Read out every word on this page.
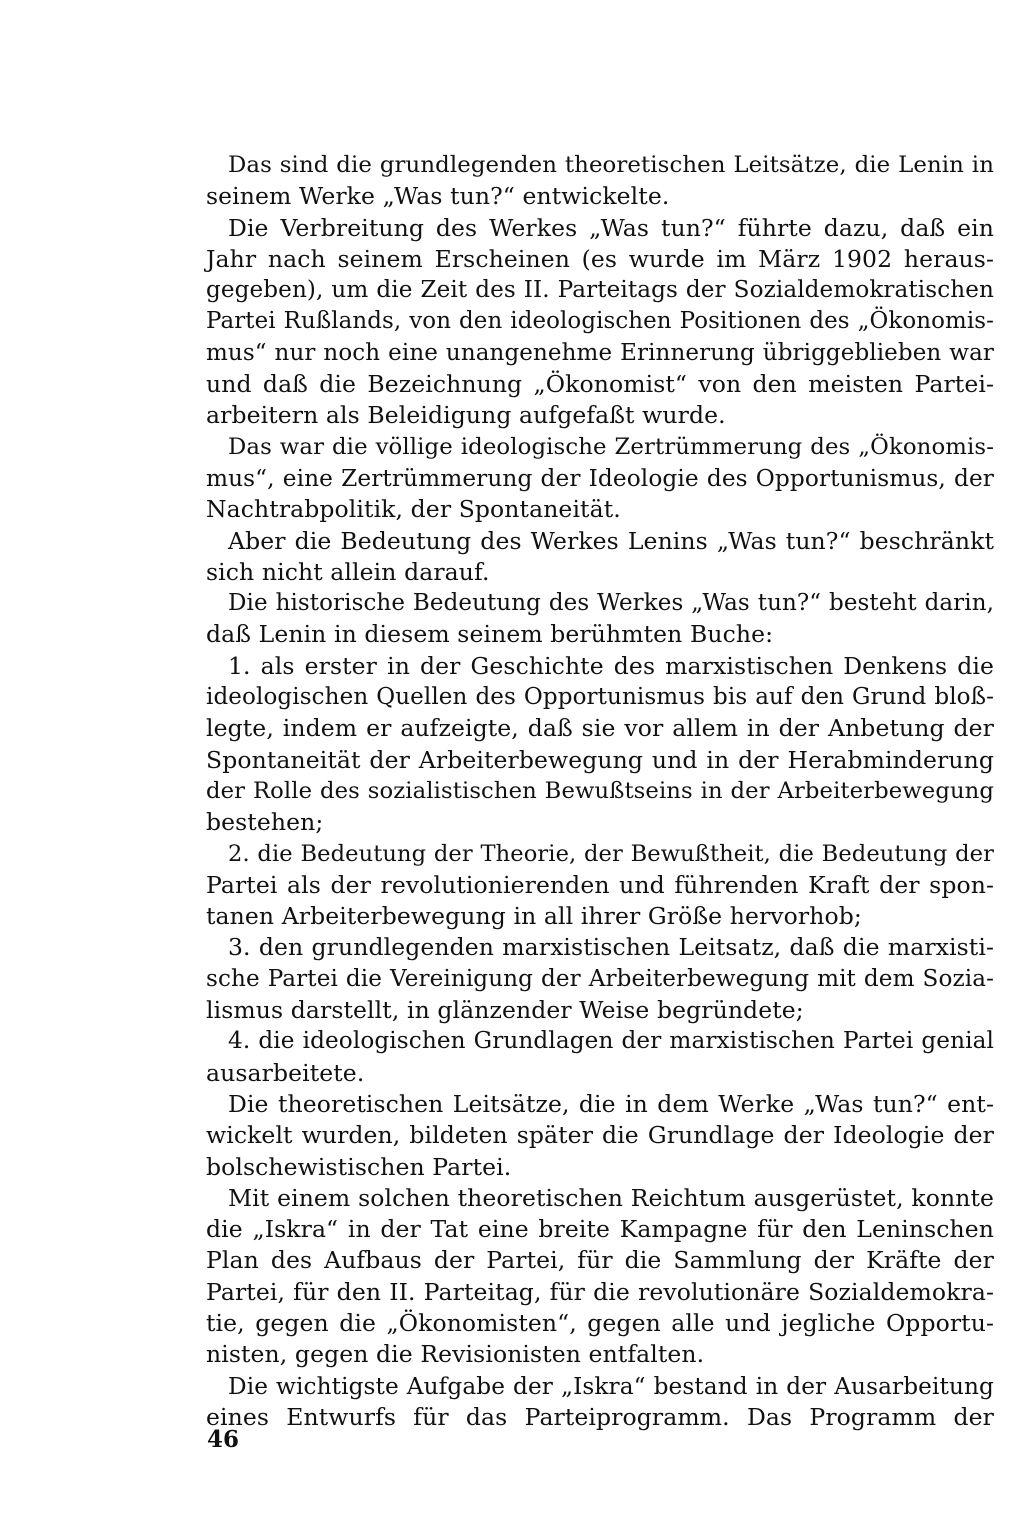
Das sind die grundlegenden theoretischen Leitsätze, die Lenin in
seinem Werke „Was tun?“ entwickelte.
Die Verbreitung des Werkes „Was tun?“ führte dazu, daß ein
Jahr nach seinem Erscheinen (es wurde im März 1902 heraus-
gegeben), um die Zeit des II. Parteitags der Sozialdemokratischen
Partei Rußlands, von den ideologischen Positionen des „Ökonomis-
mus“ nur noch eine unangenehme Erinnerung übriggeblieben war
und daß die Bezeichnung „Ökonomist“ von den meisten Partei-
arbeitern als Beleidigung aufgefaßt wurde.
Das war die völlige ideologische Zertrümmerung des „Ökonomis-
mus“, eine Zertrümmerung der Ideologie des Opportunismus, der
Nachtrabpolitik, der Spontaneität.
Aber die Bedeutung des Werkes Lenins „Was tun?“ beschränkt
sich nicht allein darauf.
Die historische Bedeutung des Werkes „Was tun?“ besteht darin,
daß Lenin in diesem seinem berühmten Buche:
1. als erster in der Geschichte des marxistischen Denkens die
ideologischen Quellen des Opportunismus bis auf den Grund bloß-
legte, indem er aufzeigte, daß sie vor allem in der Anbetung der
Spontaneität der Arbeiterbewegung und in der Herabminderung
der Rolle des sozialistischen Bewußtseins in der Arbeiterbewegung
bestehen;
2. die Bedeutung der Theorie, der Bewußtheit, die Bedeutung der
Partei als der revolutionierenden und führenden Kraft der spon-
tanen Arbeiterbewegung in all ihrer Größe hervorhob;
3. den grundlegenden marxistischen Leitsatz, daß die marxisti-
sche Partei die Vereinigung der Arbeiterbewegung mit dem Sozia-
lismus darstellt, in glänzender Weise begründete;
4. die ideologischen Grundlagen der marxistischen Partei genial
ausarbeitete.
Die theoretischen Leitsätze, die in dem Werke „Was tun?“ ent-
wickelt wurden, bildeten später die Grundlage der Ideologie der
bolschewistischen Partei.
Mit einem solchen theoretischen Reichtum ausgerüstet, konnte
die „Iskra“ in der Tat eine breite Kampagne für den Leninschen
Plan des Aufbaus der Partei, für die Sammlung der Kräfte der
Partei, für den II. Parteitag, für die revolutionäre Sozialdemokra-
tie, gegen die „Ökonomisten“, gegen alle und jegliche Opportu-
nisten, gegen die Revisionisten entfalten.
Die wichtigste Aufgabe der „Iskra“ bestand in der Ausarbeitung
eines Entwurfs für das Parteiprogramm. Das Programm der
46
